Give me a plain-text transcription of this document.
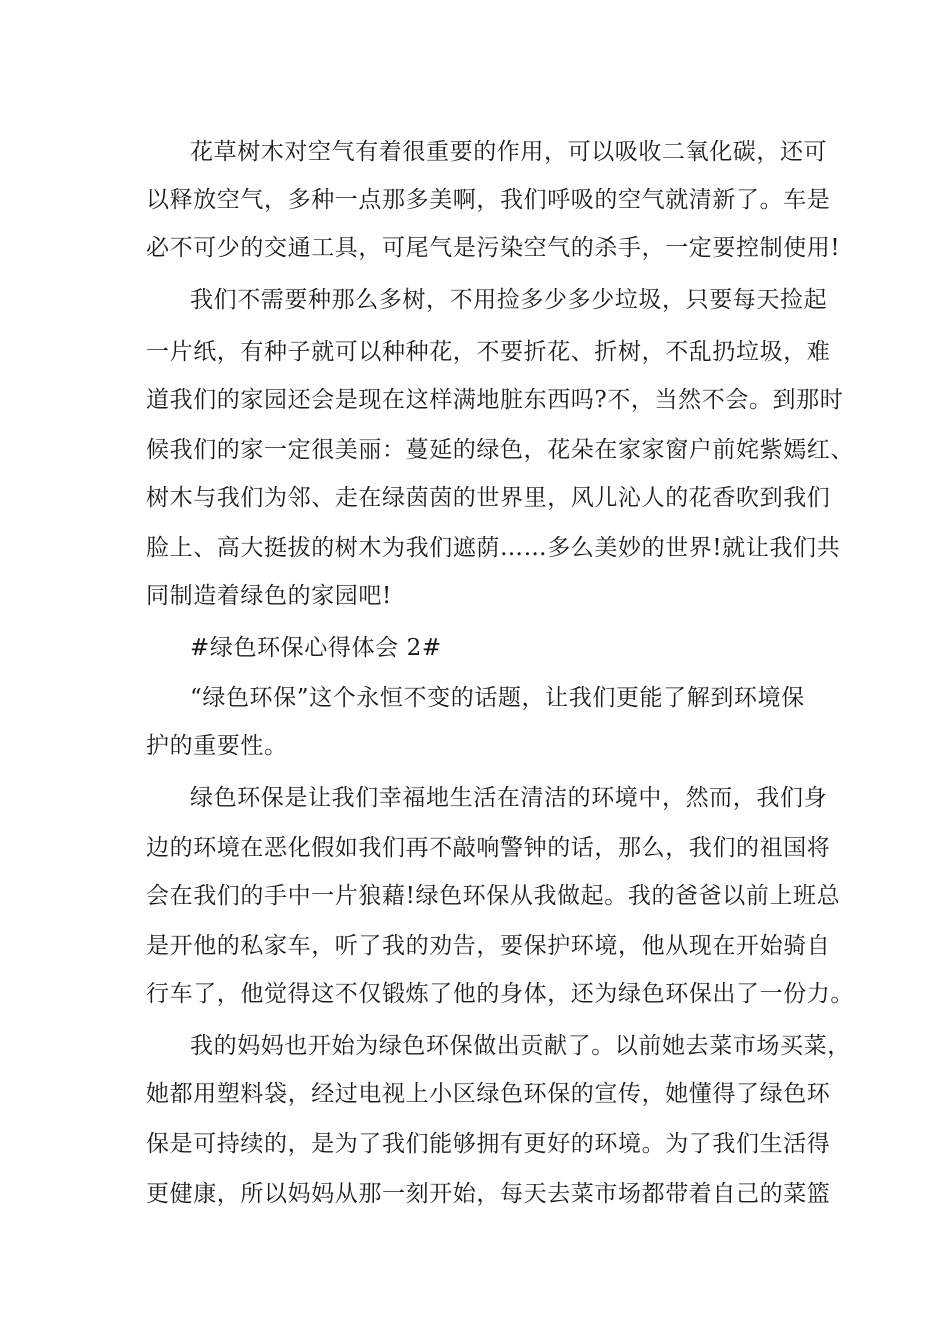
花草树木对空气有着很重要的作用，可以吸收二氧化碳，还可
以释放空气，多种一点那多美啊，我们呼吸的空气就清新了。车是
必不可少的交通工具，可尾气是污染空气的杀手，一定要控制使用!
我们不需要种那么多树，不用捡多少多少垃圾，只要每天捡起
一片纸，有种子就可以种种花，不要折花、折树，不乱扔垃圾，难
道我们的家园还会是现在这样满地脏东西吗?不，当然不会。到那时
候我们的家一定很美丽：蔓延的绿色，花朵在家家窗户前姹紫嫣红、
树木与我们为邻、走在绿茵茵的世界里，风儿沁人的花香吹到我们
脸上、高大挺拔的树木为我们遮荫……多么美妙的世界!就让我们共
同制造着绿色的家园吧!
#绿色环保心得体会 2#
“绿色环保”这个永恒不变的话题，让我们更能了解到环境保
护的重要性。
绿色环保是让我们幸福地生活在清洁的环境中，然而，我们身
边的环境在恶化假如我们再不敲响警钟的话，那么，我们的祖国将
会在我们的手中一片狼藉!绿色环保从我做起。我的爸爸以前上班总
是开他的私家车，听了我的劝告，要保护环境，他从现在开始骑自
行车了，他觉得这不仅锻炼了他的身体，还为绿色环保出了一份力。
我的妈妈也开始为绿色环保做出贡献了。以前她去菜市场买菜，
她都用塑料袋，经过电视上小区绿色环保的宣传，她懂得了绿色环
保是可持续的，是为了我们能够拥有更好的环境。为了我们生活得
更健康，所以妈妈从那一刻开始，每天去菜市场都带着自己的菜篮
